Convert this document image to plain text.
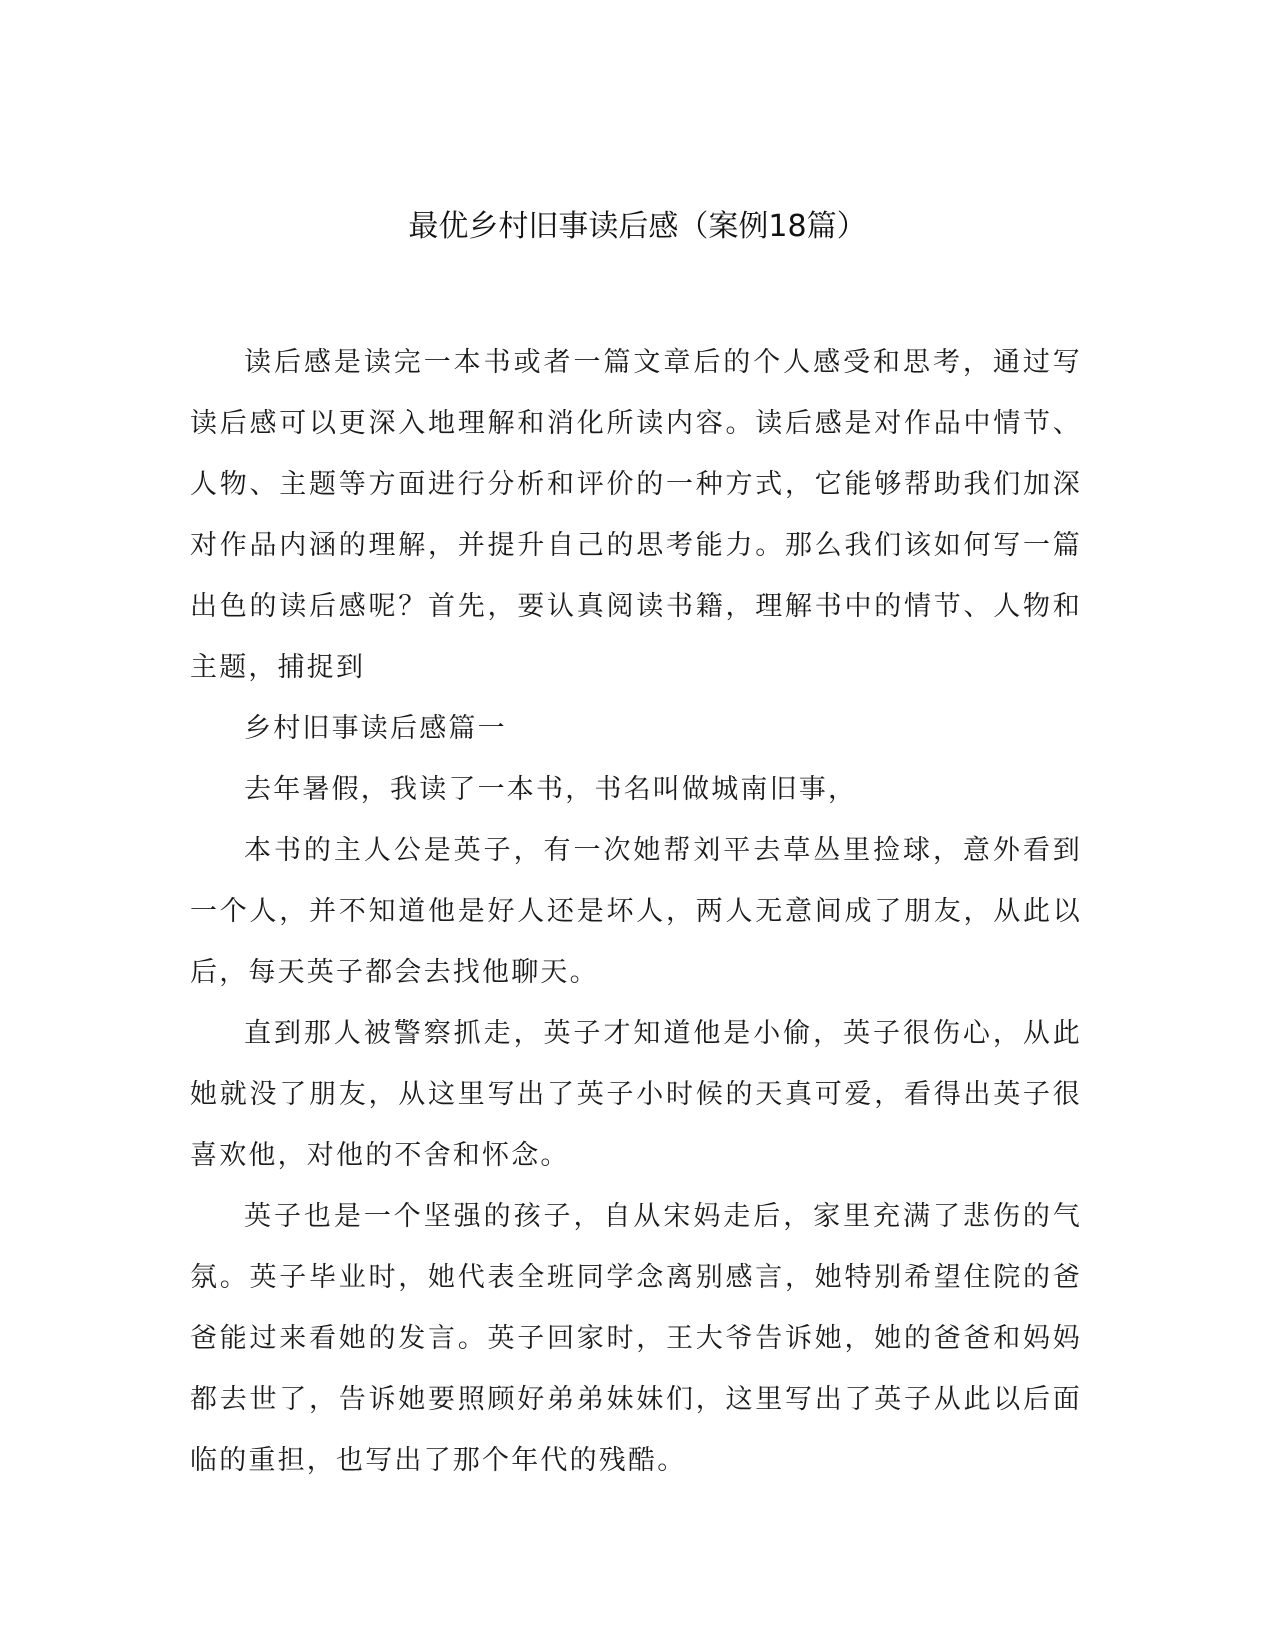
最优乡村旧事读后感（案例18篇）

读后感是读完一本书或者一篇文章后的个人感受和思考，通过写读后感可以更深入地理解和消化所读内容。读后感是对作品中情节、人物、主题等方面进行分析和评价的一种方式，它能够帮助我们加深对作品内涵的理解，并提升自己的思考能力。那么我们该如何写一篇出色的读后感呢？首先，要认真阅读书籍，理解书中的情节、人物和主题，捕捉到

乡村旧事读后感篇一

去年暑假，我读了一本书，书名叫做城南旧事，

本书的主人公是英子，有一次她帮刘平去草丛里捡球，意外看到一个人，并不知道他是好人还是坏人，两人无意间成了朋友，从此以后，每天英子都会去找他聊天。

直到那人被警察抓走，英子才知道他是小偷，英子很伤心，从此她就没了朋友，从这里写出了英子小时候的天真可爱，看得出英子很喜欢他，对他的不舍和怀念。

英子也是一个坚强的孩子，自从宋妈走后，家里充满了悲伤的气氛。英子毕业时，她代表全班同学念离别感言，她特别希望住院的爸爸能过来看她的发言。英子回家时，王大爷告诉她，她的爸爸和妈妈都去世了，告诉她要照顾好弟弟妹妹们，这里写出了英子从此以后面临的重担，也写出了那个年代的残酷。
